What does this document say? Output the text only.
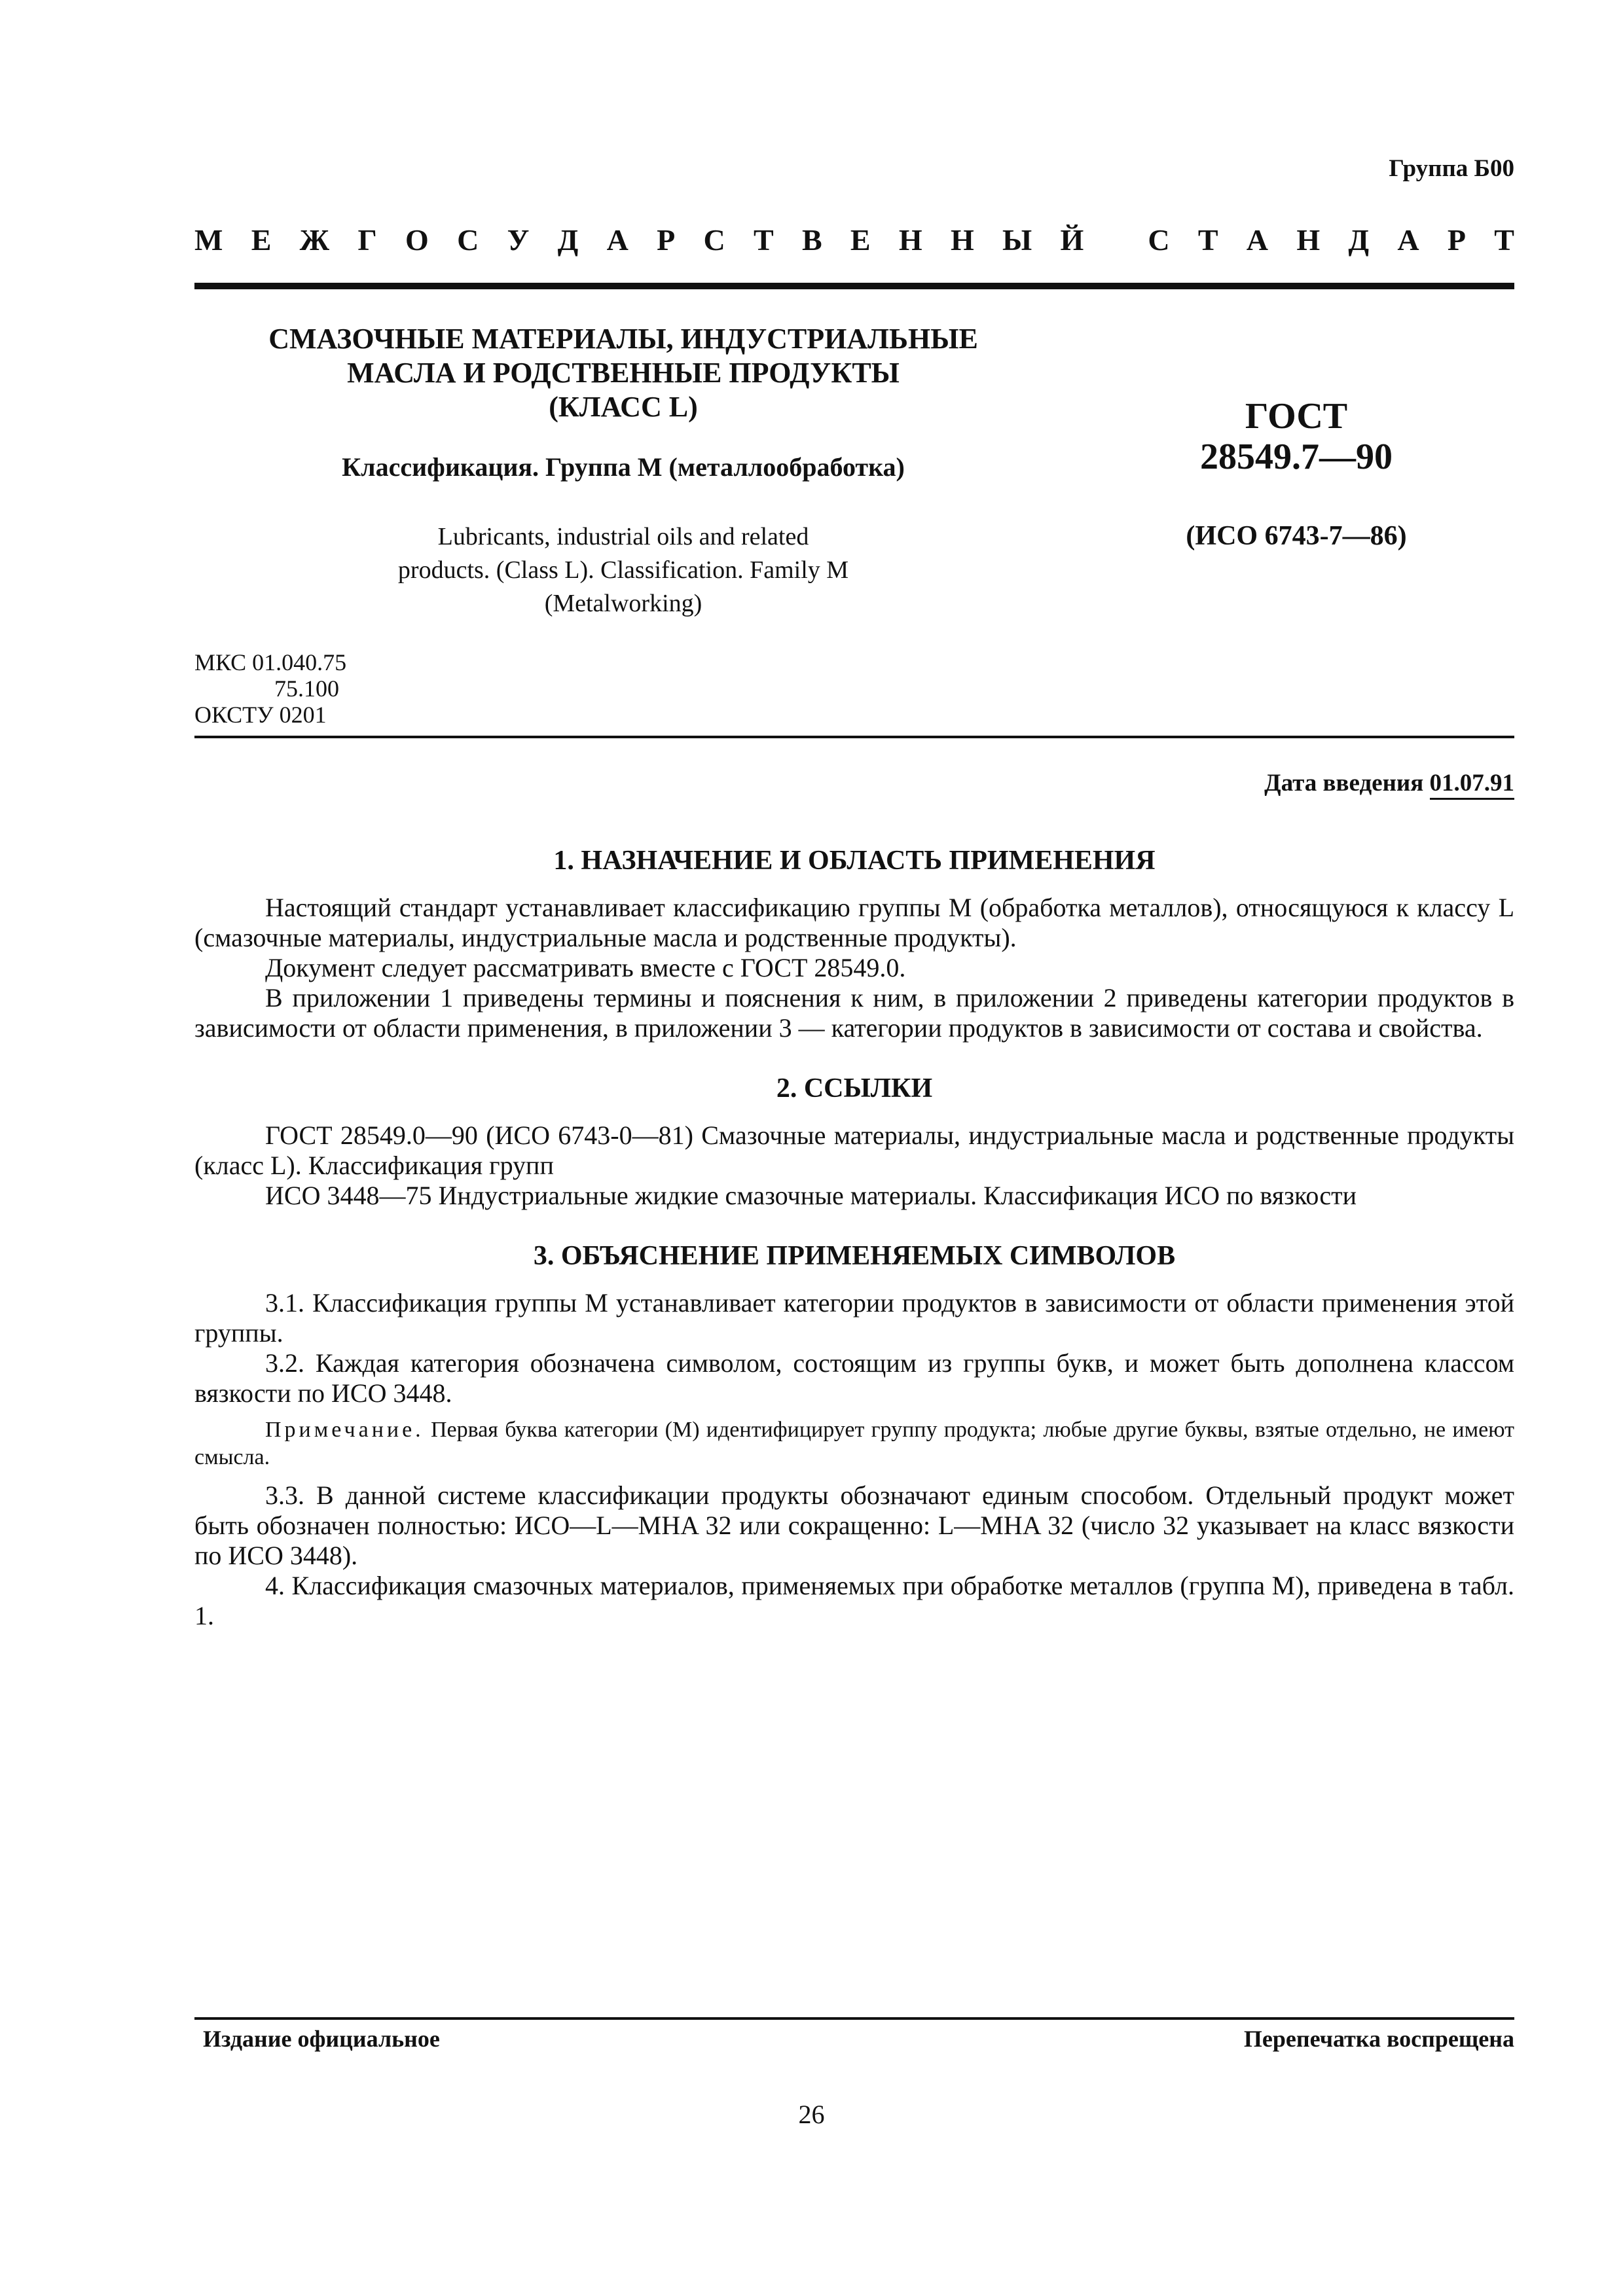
Группа Б00
М Е Ж Г О С У Д А Р С Т В Е Н Н Ы Й
С Т А Н Д А Р Т
СМАЗОЧНЫЕ МАТЕРИАЛЫ, ИНДУСТРИАЛЬНЫЕ
МАСЛА И РОДСТВЕННЫЕ ПРОДУКТЫ
(КЛАСС L)
Классификация. Группа М (металлообработка)
Lubricants, industrial oils and related
products. (Class L). Classification. Family M
(Metalworking)
ГОСТ
28549.7—90
(ИСО 6743-7—86)
МКС 01.040.75
75.100
ОКСТУ 0201
Дата введения 01.07.91
1. НАЗНАЧЕНИЕ И ОБЛАСТЬ ПРИМЕНЕНИЯ

Настоящий стандарт устанавливает классификацию группы М (обработка металлов), относящуюся к классу L (смазочные материалы, индустриальные масла и родственные продукты).

Документ следует рассматривать вместе с ГОСТ 28549.0.

В приложении 1 приведены термины и пояснения к ним, в приложении 2 приведены категории продуктов в зависимости от области применения, в приложении 3 — категории продуктов в зависимости от состава и свойства.

2. ССЫЛКИ

ГОСТ 28549.0—90 (ИСО 6743-0—81) Смазочные материалы, индустриальные масла и родственные продукты (класс L). Классификация групп

ИСО 3448—75 Индустриальные жидкие смазочные материалы. Классификация ИСО по вязкости

3. ОБЪЯСНЕНИЕ ПРИМЕНЯЕМЫХ СИМВОЛОВ

3.1. Классификация группы М устанавливает категории продуктов в зависимости от области применения этой группы.

3.2. Каждая категория обозначена символом, состоящим из группы букв, и может быть дополнена классом вязкости по ИСО 3448.

Примечание. Первая буква категории (М) идентифицирует группу продукта; любые другие буквы, взятые отдельно, не имеют смысла.

3.3. В данной системе классификации продукты обозначают единым способом. Отдельный продукт может быть обозначен полностью: ИСО—L—MHA 32 или сокращенно: L—MHA 32 (число 32 указывает на класс вязкости по ИСО 3448).

4. Классификация смазочных материалов, применяемых при обработке металлов (группа М), приведена в табл. 1.

Издание официальное	Перепечатка воспрещена
26
